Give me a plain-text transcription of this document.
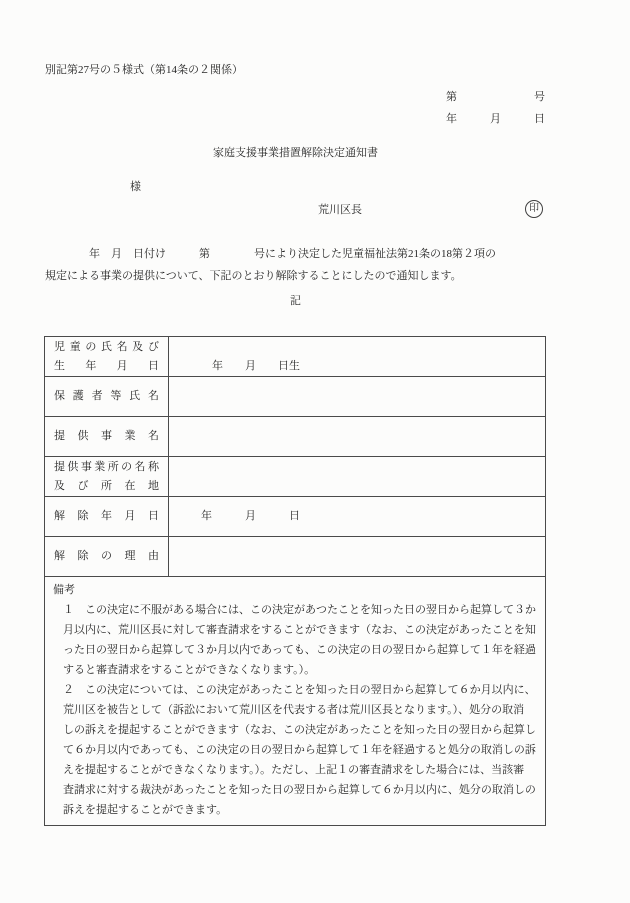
別記第27号の５様式（第14条の２関係）
第　　　　　　　号
年　　　月　　　日
家庭支援事業措置解除決定通知書
様
荒川区長	印
　　　　年　月　日付け　　　第　　　　号により決定した児童福祉法第21条の18第２項の
規定による事業の提供について、下記のとおり解除することにしたので通知します。
記
児 童 の 氏 名 及 び
生 年 月 日 　　　年　　月　　日生
保 護 者 等 氏 名
提 供 事 業 名
提 供 事 業 所 の 名 称
及 び 所 在 地
解 除 年 月 日 　　年　　　月　　　日
解 除 の 理 由
備考
１　この決定に不服がある場合には、この決定があつたことを知った日の翌日から起算して３か
月以内に、荒川区長に対して審査請求をすることができます（なお、この決定があったことを知
った日の翌日から起算して３か月以内であっても、この決定の日の翌日から起算して１年を経過
すると審査請求をすることができなくなります。）。
２　この決定については、この決定があったことを知った日の翌日から起算して６か月以内に、
荒川区を被告として（訴訟において荒川区を代表する者は荒川区長となります。）、処分の取消
しの訴えを提起することができます（なお、この決定があったことを知った日の翌日から起算し
て６か月以内であっても、この決定の日の翌日から起算して１年を経過すると処分の取消しの訴
えを提起することができなくなります。）。ただし、上記１の審査請求をした場合には、当該審
査請求に対する裁決があったことを知った日の翌日から起算して６か月以内に、処分の取消しの
訴えを提起することができます。
